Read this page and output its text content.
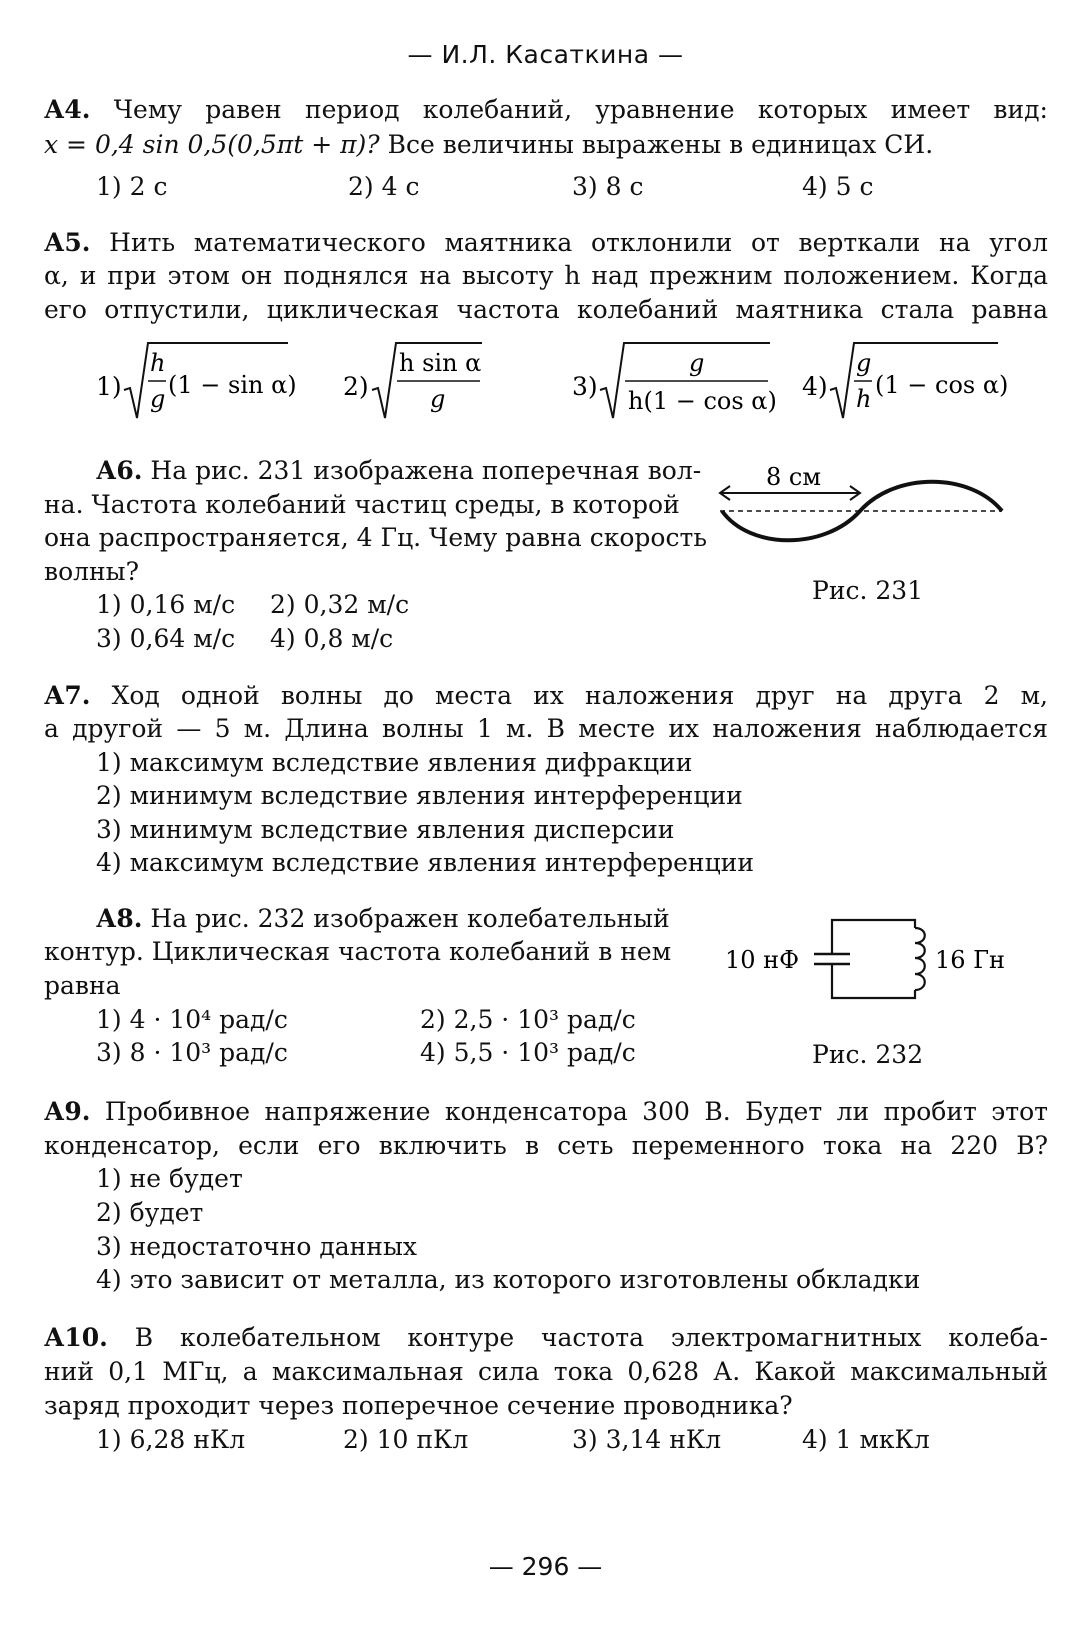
— И.Л. Касаткина —
А4. Чему равен период колебаний, уравнение которых имеет вид:
x = 0,4 sin 0,5(0,5πt + π)? Все величины выражены в единицах СИ.
1) 2 с	2) 4 с	3) 8 с	4) 5 с
А5. Нить математического маятника отклонили от верткали на угол
α, и при этом он поднялся на высоту h над прежним положением. Когда
его отпустили, циклическая частота колебаний маятника стала равна
1)
h
g (1 − sin α) 2)
h sin α
g	3)
g
h(1 − cos α) 4)
g
h (1 − cos α)
А6. На рис. 231 изображена поперечная вол-
на. Частота колебаний частиц среды, в которой
она распространяется, 4 Гц. Чему равна скорость
волны?
1) 0,16 м/с 2) 0,32 м/с
3) 0,64 м/с 4) 0,8 м/с
8 см
Рис. 231
А7. Ход одной волны до места их наложения друг на друга 2 м,
а другой — 5 м. Длина волны 1 м. В месте их наложения наблюдается
1) максимум вследствие явления дифракции
2) минимум вследствие явления интерференции
3) минимум вследствие явления дисперсии
4) максимум вследствие явления интерференции
А8. На рис. 232 изображен колебательный
контур. Циклическая частота колебаний в нем
равна
1) 4 · 10⁴ рад/с	2) 2,5 · 10³ рад/с
3) 8 · 10³ рад/с	4) 5,5 · 10³ рад/с
10 нФ	16 Гн
Рис. 232
А9. Пробивное напряжение конденсатора 300 В. Будет ли пробит этот
конденсатор, если его включить в сеть переменного тока на 220 В?
1) не будет
2) будет
3) недостаточно данных
4) это зависит от металла, из которого изготовлены обкладки
А10. В колебательном контуре частота электромагнитных колеба-
ний 0,1 МГц, а максимальная сила тока 0,628 А. Какой максимальный
заряд проходит через поперечное сечение проводника?
1) 6,28 нКл	2) 10 пКл	3) 3,14 нКл	4) 1 мкКл
— 296 —
